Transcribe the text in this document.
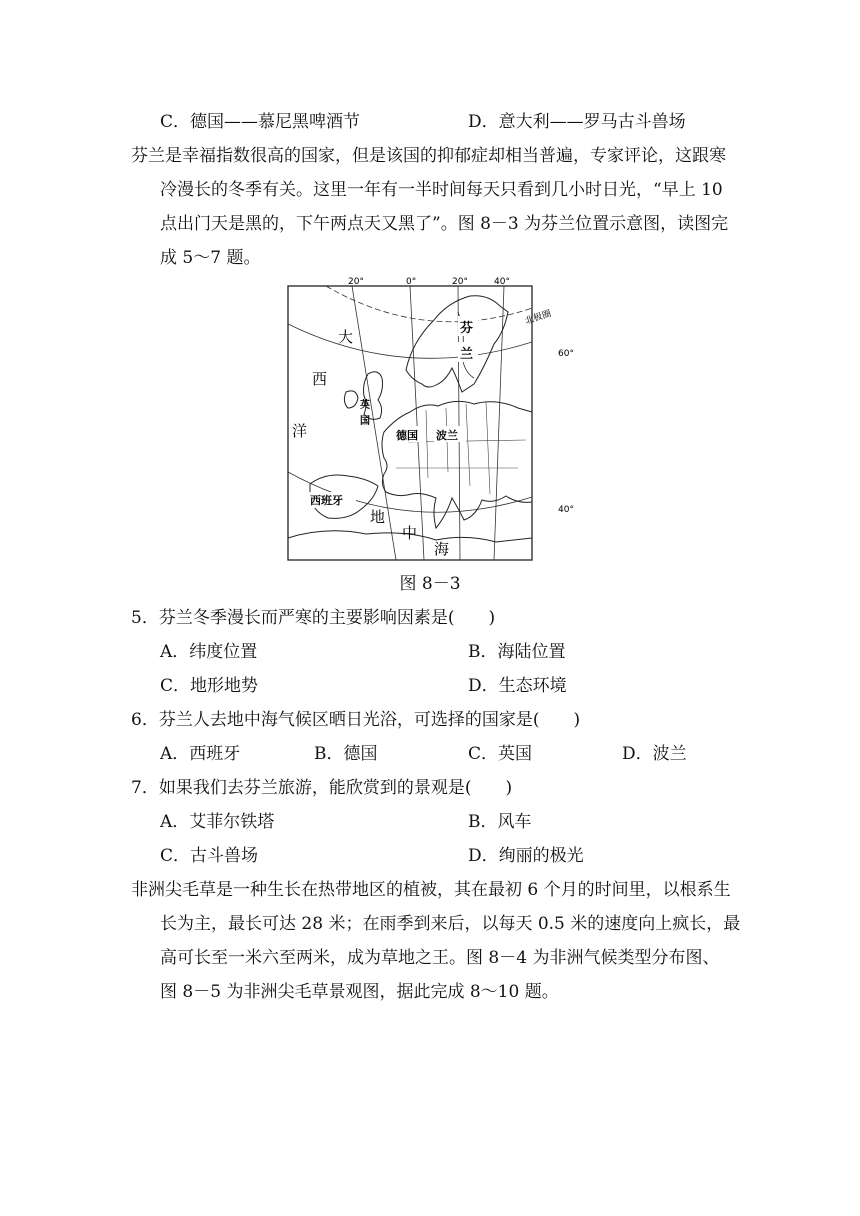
C．德国——慕尼黑啤酒节	D．意大利——罗马古斗兽场
芬兰是幸福指数很高的国家，但是该国的抑郁症却相当普遍，专家评论，这跟寒
冷漫长的冬季有关。这里一年有一半时间每天只看到几小时日光，“早上 10
点出门天是黑的，下午两点天又黑了”。图 8－3 为芬兰位置示意图，读图完
成 5～7 题。
20°	0°	20°	40°
60°
40°
北极圈
芬
兰
英
国
德国 波兰
西班牙
大
西
洋
地
中
海
图 8－3
5．芬兰冬季漫长而严寒的主要影响因素是(　　)
A．纬度位置	B．海陆位置
C．地形地势	D．生态环境
6．芬兰人去地中海气候区晒日光浴，可选择的国家是(　　)
A．西班牙	B．德国	C．英国	D．波兰
7．如果我们去芬兰旅游，能欣赏到的景观是(　　)
A．艾菲尔铁塔	B．风车
C．古斗兽场	D．绚丽的极光
非洲尖毛草是一种生长在热带地区的植被，其在最初 6 个月的时间里，以根系生
长为主，最长可达 28 米；在雨季到来后，以每天 0.5 米的速度向上疯长，最
高可长至一米六至两米，成为草地之王。图 8－4 为非洲气候类型分布图、
图 8－5 为非洲尖毛草景观图，据此完成 8～10 题。
